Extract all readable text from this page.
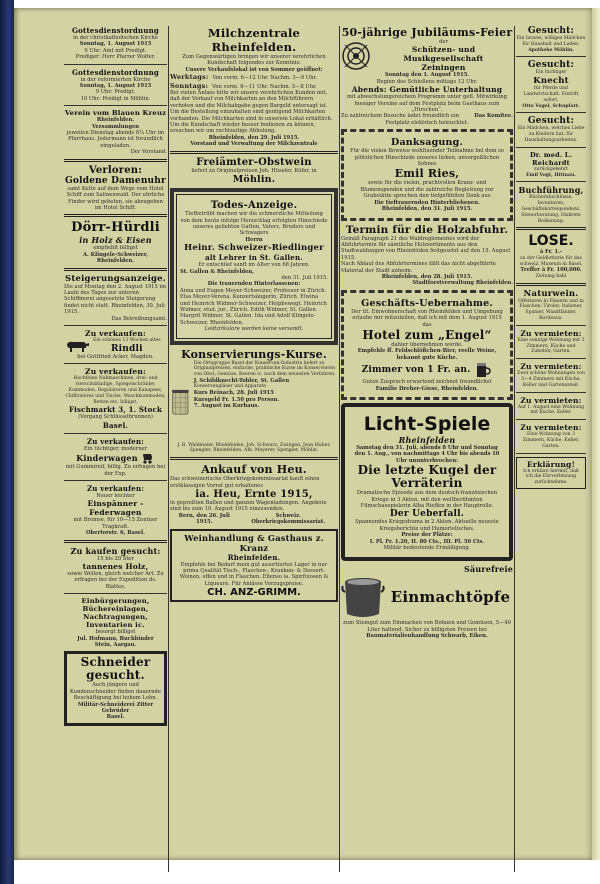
Gottesdienstordnung

in der christkatholischen Kirche

Sonntag, 1. August 1915

9 Uhr: Amt mit Predigt.

Prediger: Herr Pfarrer Wolfer.

Gottesdienstordnung

in der reformierten Kirche

Sonntag, 1. August 1915

9 Uhr: Predigt.

10 Uhr: Predigt in Möhlin.

Verein vom Blauen Kreuz

Rheinfelden.

Versammlungen

jeweilen Dienstag abends 8¼ Uhr im Pfarrhaus. Jedermann ist freundlich eingeladen.

Der Vorstand.

Verloren:

Goldene Damenuhr

samt Kette auf dem Wege vom Hotel Schiff zum Salinenwald. Der ehrliche Finder wird gebeten, sie abzugeben im Hotel Schiff.

Dörr-Hürdli

in Holz & Eisen

empfiehlt billigst

A. Klingele-Schweizer,

Rheinfelden.

Steigerungsanzeige.

Die auf Montag den 2. August 1915 im Laufe des Tages zur unteren Schiffmerei angesetzte Steigerung findet nicht statt. Rheinfelden, 30. Juli 1915.

Das Betreibungsamt.

Zu verkaufen:

Ein schönes 13 Wochen altes

Rindli

bei Gottfried Acker, Magden.

Zu verkaufen:

Hochfeine Nahmaschinen, drei- und vierschubladige, Spiegelschränke, Kommoden, Regulatoren und Kanapees, Chiffonières und Tische, Waschkommoden, Betten etc. billigst.

Fischmarkt 3, 1. Stock

(Vorgang Schlüsselbrunnen)

Basel.

Zu verkaufen:

Ein tüchtiger, moderner

Kinderwagen

mit Gummireif, billig. Zu erfragen bei der Exp.

Zu verkaufen:

Neuer leichter

Einspänner - Federwagen

mit Bremse, für 10—15 Zentner Tragkraft.

Obertorstr. 6, Basel.

Zu kaufen gesucht:

15 bis 20 Ster

tannenes Holz,

sowie Wellen, gleich welcher Art. Zu erfragen bei der Expedition ds. Blattes.

Einbürgerungen, Büchereinlagen, Nachtragungen, Inventarien ic.

besorgt billigst

Jul. Hofmann, Buchbinder

Stein, Aargau.

Schneider gesucht.

Auch jüngere und Kundenschneider finden dauernde Beschäftigung bei hohem Lohn.

Militär-Schneiderei Zitter Gebrüder

Basel.

Milchzentrale Rheinfelden.

Zum Gegenwärtigen bringen wir unserer verehrlichen Kundschaft folgendes zur Kenntnis:

Unsere Verkaufslokal ist von Sommer geöffnet:

Werktags: Von vorm. 6—12 Uhr. Nachm. 3—9 Uhr.
Sonntags: Von vorm. 6—11 Uhr. Nachm. 5—8 Uhr.

Bei vielen Anlass bitte wir unsere verehrlichen Kunden mit, daß der Verkauf von Milchkarten an den Milchführern verboten und die Milchabgabe gegen Bargeld untersagt ist. Um die Bestellung einzuhalten sind genügend Milchkarten vorhanden. Die Milchkarten sind in unserem Lokal erhältlich. Um die Kundschaft wieder besser bedienen zu können, ersuchen wir um rechtzeitige Abholung.

Rheinfelden, den 29. Juli 1915.

Vorstand und Verwaltung der Milchzentrale

Freiämter-Obstwein

liefert zu Originalpreisen Joh. Hüssler, Küfer, in

Möhlin.

Todes-Anzeige.

Tiefbetrübt machen wir die schmerzliche Mitteilung von dem heute infolge Herzschlag erfolgten Hinschiede unseres geliebten Gatten, Vaters, Bruders und Schwagers

Herrn

Heinr. Schweizer-Riedlinger

alt Lehrer in St. Gallen.

Er entschlief sanft im Alter von 68 Jahren.

St. Gallen & Rheinfelden,

den 31. Juli 1915.

Die trauernden Hinterlassenen:

Anna und Eugen Meyer-Schweizer, Professor in Zürich. Elsa Meyer-Verena, Konzertsängerin, Zürich. Elwina und Heinrich Widmer-Schweizer, Helpbewegt. Heinrich Widmer, stud. jur., Zürich. Edith Widmer, St. Gallen. Margrit Widmer, St. Gallen. Ida und Adolf Klingele-Schweizer, Rheinfelden.

Leidzirkulare werden keine versandt.

Konservierungs-Kurse.

Die Ortsgruppe Basel der Konserven-Industrie liefert zu Originalpreisen, einfache, praktische Kurse im Konservieren von Obst, Gemüse, Beeren ic. nach dem neuesten Verfahren.

J. Schildknecht-Tobler, St. Gallen

Konservengläser und Apparate

Kurs Reinach, 28. Juli 1915

Kursgeld Fr. 1.50 pro Person.

7. August im Kurhaus.

J. B. Waldmeier, Rheinfelden. Joh. Schwarz, Zwingen. Jean Huber, Spengler, Rheinfelden. Alb. Meyerer, Spengler, Möhlin.

Ankauf von Heu.

Das schweizerische Oberkriegskommissariat kauft einen erstklassigen Vorrat gut erhaltenes

ia. Heu, Ernte 1915,

in gepreßten Ballen und ganzen Wagenladungen. Angebote sind bis zum 10. August 1915 einzusenden.

Bern, den 26. Juli 1915.
Schweiz. Oberkriegskommissariat.

Weinhandlung & Gasthaus z. Kranz

Rheinfelden.

Empfehle bei Bedarf mein gut assortiertes Lager in nur prima Qualität Tisch-, Flaschen-, Kranken- & Dessert-Weinen, offen und in Flaschen. Ebenso ia. Spirituosen & Liqueure. Für Anlässe Vorzugspreise.

CH. ANZ-GRIMM.

50-jährige Jubiläums-Feier

der

Schützen- und Musikgesellschaft

Zeiningen

Sonntag den 1. August 1915.

Beginn des Schießens mittags 12 Uhr.

Abends: Gemütliche Unterhaltung

mit abwechslungsreichem Programm unter gefl. Mitwirkung hiesiger Vereine auf dem Festplatz beim Gasthaus zum „Hirschen“.

Zu zahlreichem Besuche ladet freundlich ein	Das Komitee.

Festplatz elektrisch beleuchtet.

Danksagung.

Für die vielen Beweise wohltuender Teilnahme bei dem so plötzlichen Hinschiede unseres lieben, unvergeßlichen Sohnes

Emil Ries,

sowie für die vielen, prachtvollen Kranz- und Blumenspenden und die zahlreiche Begleitung zur Grabstätte sprechen den tiefgefühlten Dank aus

Die tieftrauernden Hinterbliebenen.

Rheinfelden, den 31. Juli 1915.

Termin für die Holzabfuhr.

Gemäß Paragraph 21 des Waldreglementes wird der Abfuhrtermin für sämtliche Holzsortimente aus den Stadtwaldungen von Rheinfelden festgesetzt auf den 15. August 1915.

Nach Ablauf des Abfuhrtermines fällt das nicht abgeführte Material der Stadt anheim.

Rheinfelden, den 28. Juli 1915.

Stadtforstverwaltung Rheinfelden.

Geschäfts-Uebernahme.

Der tit. Einwohnerschaft von Rheinfelden und Umgebung erlaube mir mitzuteilen, daß ich mit dem 1. August 1915 das

Hotel zum „Engel“

dahier übernehmen werde.

Empfehle ff. Feldschlößchen-Bier, reelle Weine, bekannt gute Küche.

Zimmer von 1 Fr. an.

Guten Zuspruch erwartend zeichnet freundlichst

Familie Dreher-Giese, Rheinfelden.

Licht-Spiele

Rheinfelden

Samstag den 31. Juli, abends 8 Uhr und Sonntag den 1. Aug., von nachmittags 4 Uhr bis abends 10 Uhr ununterbrochen:

Die letzte Kugel der Verräterin

Dramatische Episode aus dem deutsch-französischen Kriege in 3 Akten, mit den weltberühmten Filmschauspielerin Alba Rieffen in der Hauptrolle.

Der Ueberfall.

Spannendes Kriegsdrama in 2 Akten. Aktuelle neueste Kriegsberichte und Humoristisches.

Preise der Plätze:

I. Pl. Fr. 1.20, II. 80 Cts., III. Pl. 50 Cts.

Militär bedeutende Ermäßigung.

Säurefreie

Einmachtöpfe

zum Steingut zum Einmachen von Bohnen und Gemüsen, 5—40 Liter haltend. Sicher zu billigsten Preisen bei

Baumaterialienhandlung Schwarb, Eiken.

Gesucht:

Ein braves, williges Mädchen für Haushalt und Laden.

Apotheke Möhlin.

Gesucht:

Ein tüchtiger

Knecht

für Pferde und Landwirtschaft. Eintritt sofort.

Otto Vogel, Schupfart.

Gesucht:

Ein Mädchen, welches Liebe zu Kindern hat, für Haushaltungsarbeiten.

Dr. med. L. Reichardt

zurückgekehrt

Emil Vogt, Hittnau.

Buchführung,

Bücherabschlüsse, Inventuren, Geschäftskorrespondenz, Steuerberatung. Diskrete Bedienung.

LOSE.

à Fr. 1.-

zu der Geldlotterie für das schweiz. Museum in Basel.

Treffer à Fr. 100,000.

Ziehung bald

Naturwein.

Offerieren in Fässern und in Flaschen: Tiroler, Italiener, Spanier, Waadtländer, Bordeaux.

Zu vermieten:

Eine sonnige Wohnung mit 3 Zimmern, Küche und Zubehör, Garten.

Zu vermieten:

Zwei schöne Wohnungen von 3—4 Zimmern mit Küche, Keller und Gartenanteil.

Zu vermieten:

Auf 1. August eine Wohnung mit Küche, Keller.

Zu vermieten:

Eine Wohnung von 3 Zimmern, Küche, Keller, Garten.

Erklärung!

Ich erkläre hiermit, daß ich die Ehrverletzung zurücknehme.
